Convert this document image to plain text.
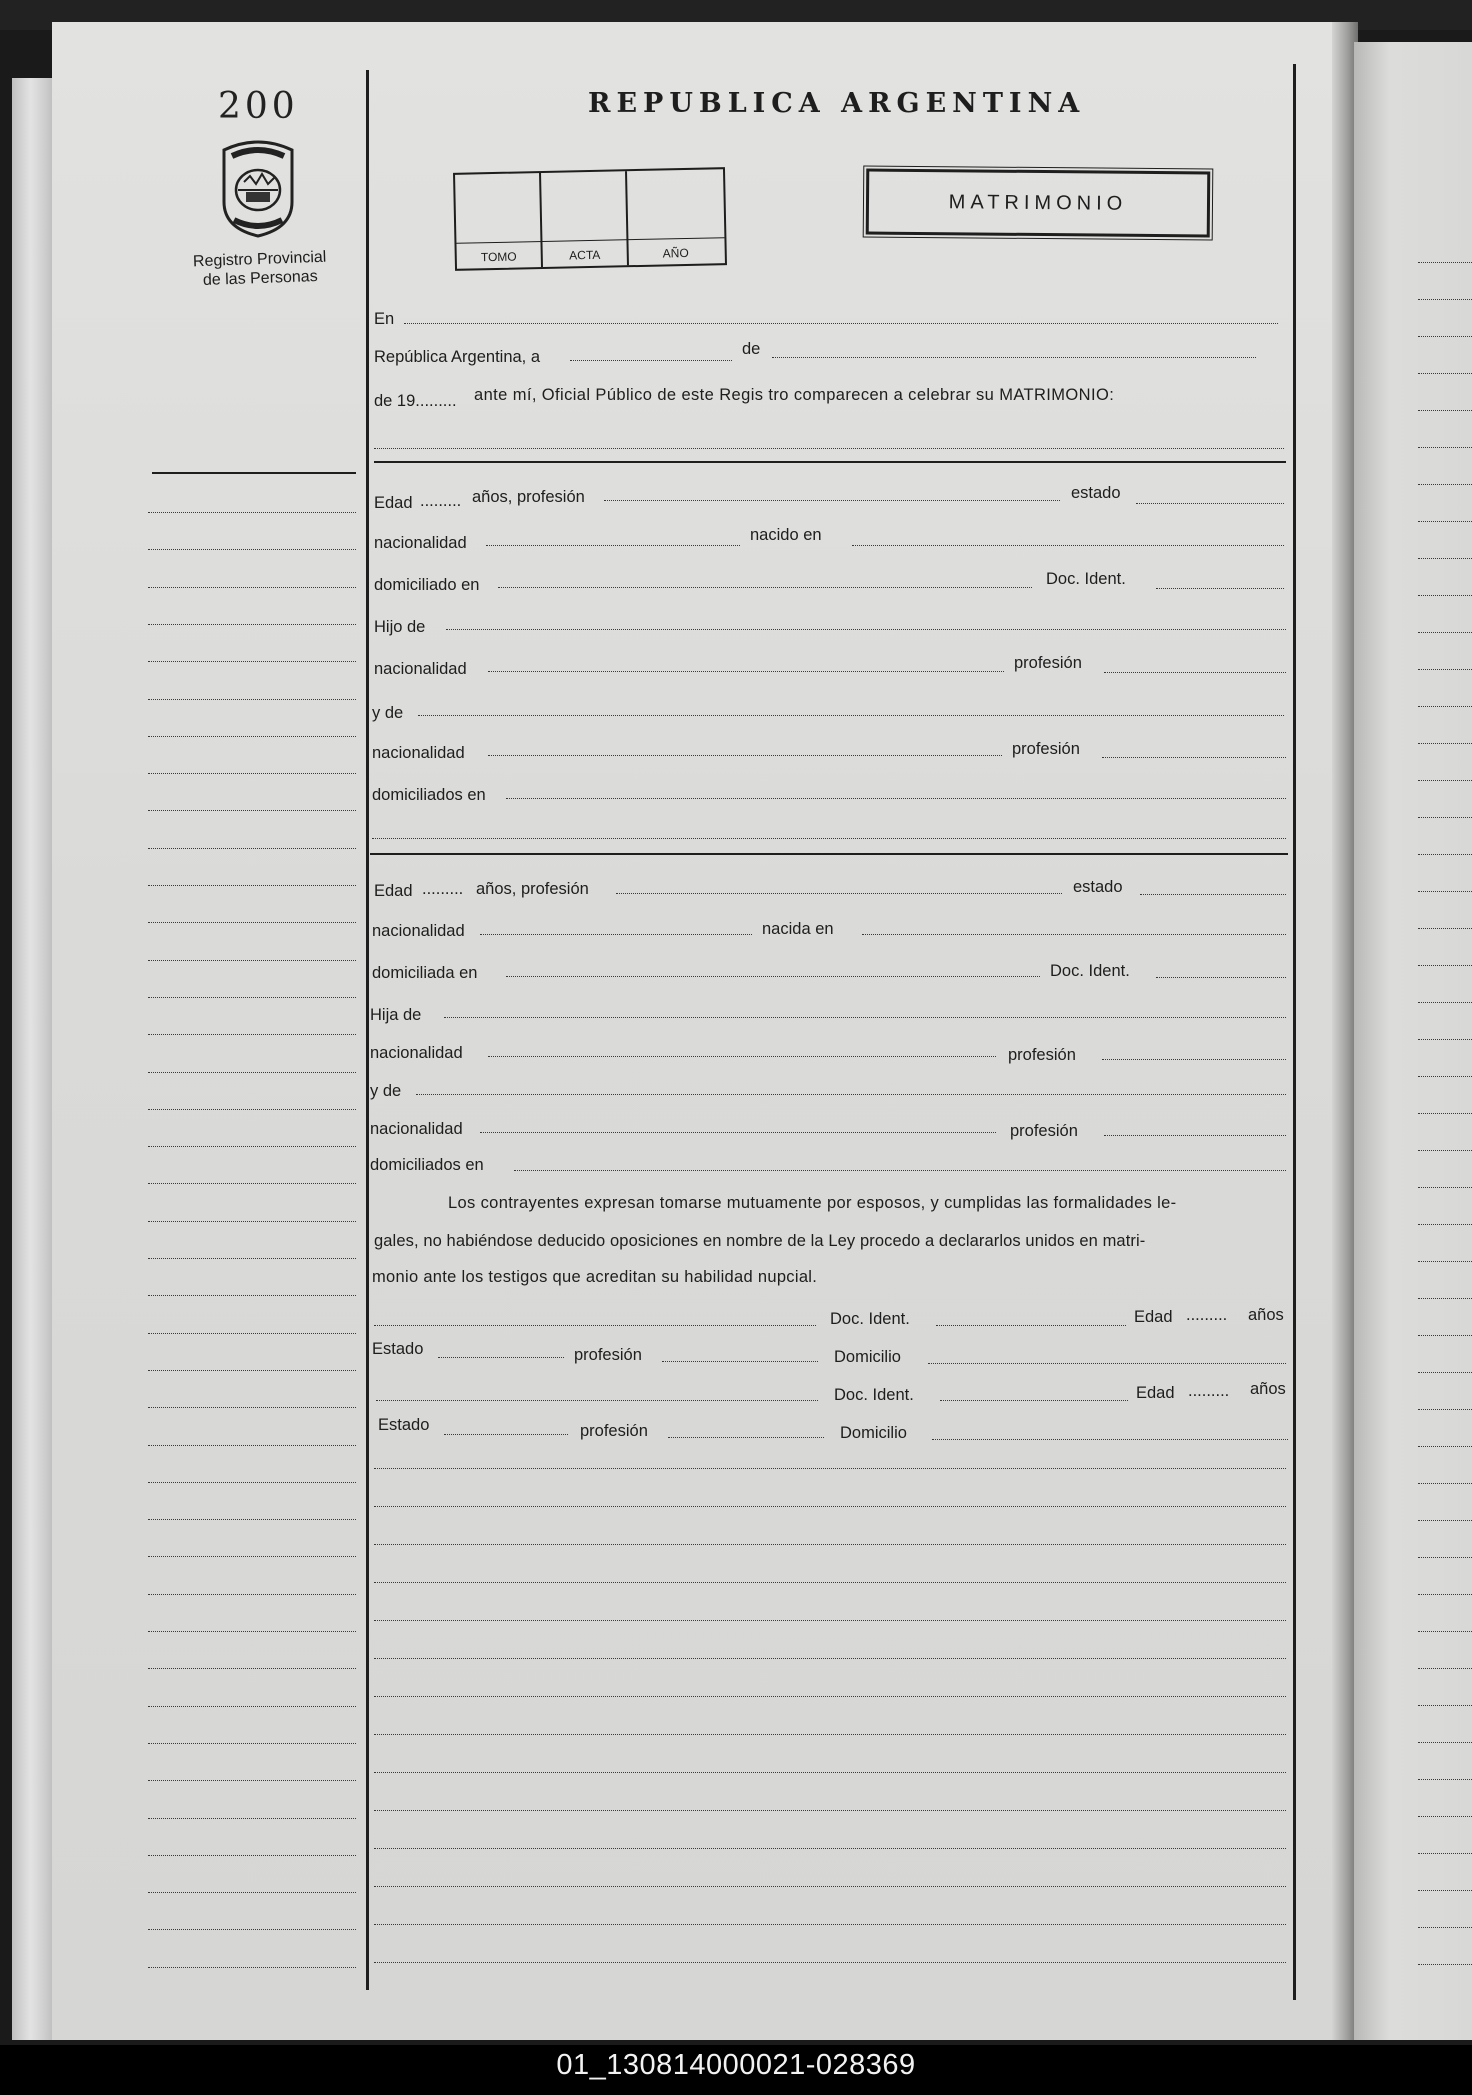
200
Registro Provincial
de las Personas
REPUBLICA ARGENTINA
TOMO	ACTA	AÑO
MATRIMONIO
En
República Argentina, a	de
de 19......... ante mí, Oficial Público de este Regis tro comparecen a celebrar su MATRIMONIO:
Edad ......... años, profesión	estado
nacionalidad	nacido en
domiciliado en	Doc. Ident.
Hijo de
nacionalidad	profesión
y de
nacionalidad	profesión
domiciliados en
Edad ......... años, profesión	estado
nacionalidad	nacida en
domiciliada en	Doc. Ident.
Hija de
nacionalidad	profesión
y de
nacionalidad	profesión
domiciliados en
Los contrayentes expresan tomarse mutuamente por esposos, y cumplidas las formalidades le-
gales, no habiéndose deducido oposiciones en nombre de la Ley procedo a declararlos unidos en matri-
monio ante los testigos que acreditan su habilidad nupcial.
Doc. Ident.	Edad ......... años
Estado	profesión	Domicilio
Doc. Ident.	Edad ......... años
Estado	profesión	Domicilio
01_130814000021-028369
